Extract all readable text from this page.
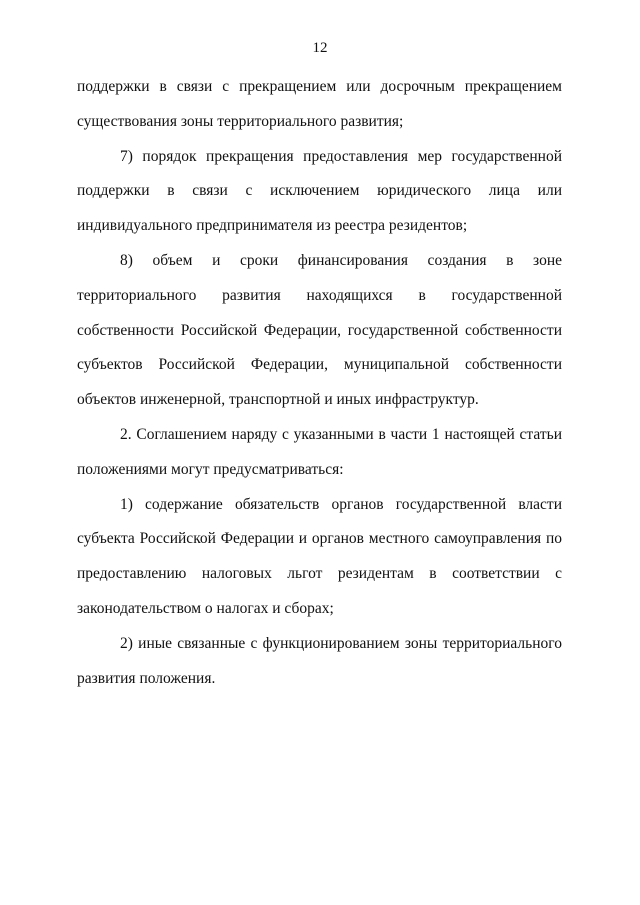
12

поддержки в связи с прекращением или досрочным прекращением существования зоны территориального развития;

7) порядок прекращения предоставления мер государственной поддержки в связи с исключением юридического лица или индивидуального предпринимателя из реестра резидентов;

8) объем и сроки финансирования создания в зоне территориального развития находящихся в государственной собственности Российской Федерации, государственной собственности субъектов Российской Федерации, муниципальной собственности объектов инженерной, транспортной и иных инфраструктур.

2. Соглашением наряду с указанными в части 1 настоящей статьи положениями могут предусматриваться:

1) содержание обязательств органов государственной власти субъекта Российской Федерации и органов местного самоуправления по предоставлению налоговых льгот резидентам в соответствии с законодательством о налогах и сборах;

2) иные связанные с функционированием зоны территориального развития положения.
